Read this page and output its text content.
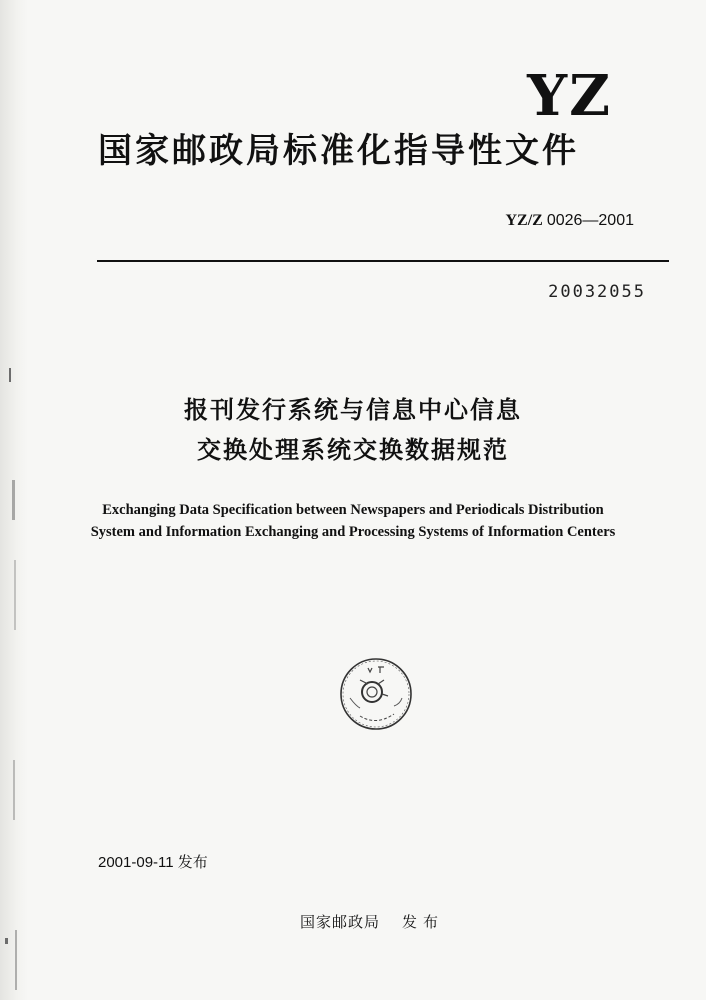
YZ
国家邮政局标准化指导性文件
YZ/Z 0026—2001
20032055
报刊发行系统与信息中心信息
交换处理系统交换数据规范
Exchanging Data Specification between Newspapers and Periodicals Distribution
System and Information Exchanging and Processing Systems of Information Centers
2001-09-11 发布
国家邮政局 发布
